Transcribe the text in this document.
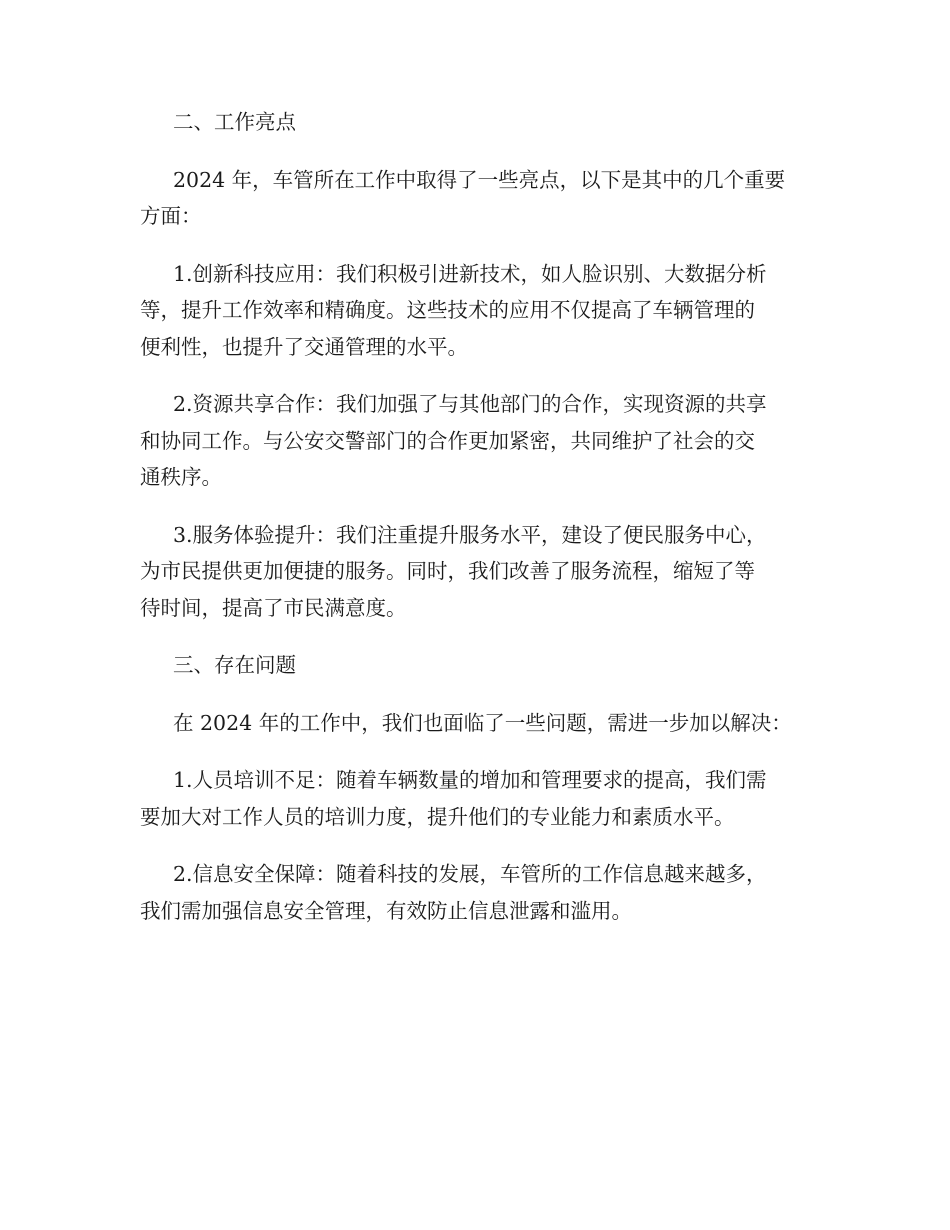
二、工作亮点

2024 年，车管所在工作中取得了一些亮点，以下是其中的几个重要
方面：

1.创新科技应用：我们积极引进新技术，如人脸识别、大数据分析
等，提升工作效率和精确度。这些技术的应用不仅提高了车辆管理的
便利性，也提升了交通管理的水平。

2.资源共享合作：我们加强了与其他部门的合作，实现资源的共享
和协同工作。与公安交警部门的合作更加紧密，共同维护了社会的交
通秩序。

3.服务体验提升：我们注重提升服务水平，建设了便民服务中心，
为市民提供更加便捷的服务。同时，我们改善了服务流程，缩短了等
待时间，提高了市民满意度。

三、存在问题

在 2024 年的工作中，我们也面临了一些问题，需进一步加以解决：

1.人员培训不足：随着车辆数量的增加和管理要求的提高，我们需
要加大对工作人员的培训力度，提升他们的专业能力和素质水平。

2.信息安全保障：随着科技的发展，车管所的工作信息越来越多，
我们需加强信息安全管理，有效防止信息泄露和滥用。
